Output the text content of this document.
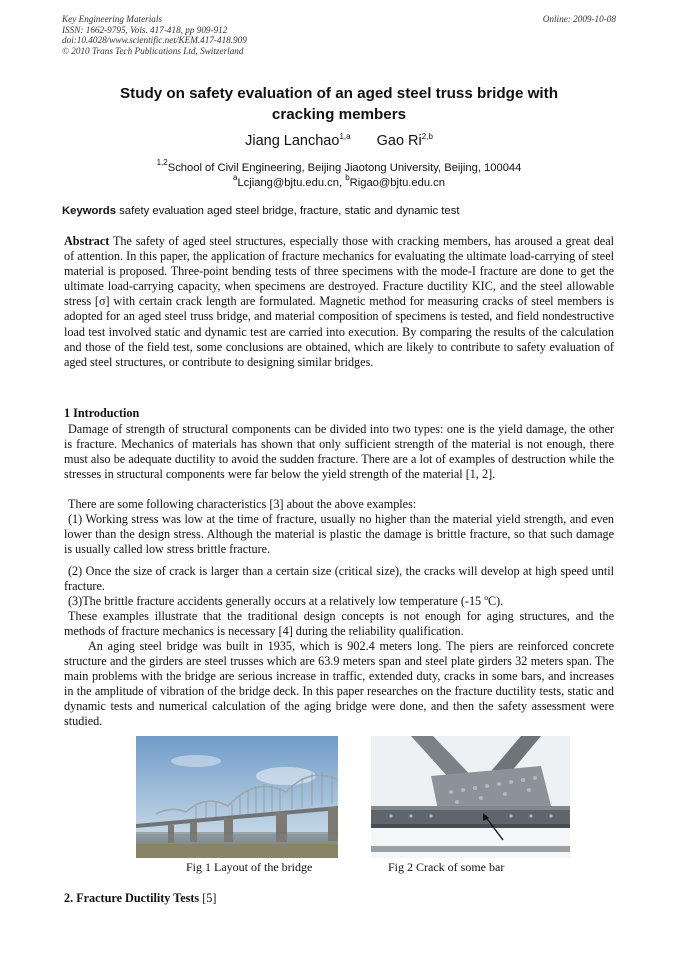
Key Engineering Materials
ISSN: 1662-9795, Vols. 417-418, pp 909-912
doi:10.4028/www.scientific.net/KEM.417-418.909
© 2010 Trans Tech Publications Ltd, Switzerland
Online: 2009-10-08
Study on safety evaluation of an aged steel truss bridge with
cracking members
Jiang Lanchao$^{1,a}$ Gao Ri$^{2,b}$
$^{1,2}$School of Civil Engineering, Beijing Jiaotong University, Beijing, 100044
$^a$Lcjiang@bjtu.edu.cn, $^b$Rigao@bjtu.edu.cn
Keywords safety evaluation aged steel bridge, fracture, static and dynamic test
Abstract The safety of aged steel structures, especially those with cracking members, has aroused a great deal of attention. In this paper, the application of fracture mechanics for evaluating the ultimate load-carrying of steel material is proposed. Three-point bending tests of three specimens with the mode-I fracture are done to get the ultimate load-carrying capacity, when specimens are destroyed. Fracture ductility KIC, and the steel allowable stress [σ] with certain crack length are formulated. Magnetic method for measuring cracks of steel members is adopted for an aged steel truss bridge, and material composition of specimens is tested, and field nondestructive load test involved static and dynamic test are carried into execution. By comparing the results of the calculation and those of the field test, some conclusions are obtained, which are likely to contribute to safety evaluation of aged steel structures, or contribute to designing similar bridges.
1 Introduction
Damage of strength of structural components can be divided into two types: one is the yield damage, the other is fracture. Mechanics of materials has shown that only sufficient strength of the material is not enough, there must also be adequate ductility to avoid the sudden fracture. There are a lot of examples of destruction while the stresses in structural components were far below the yield strength of the material [1, 2].
There are some following characteristics [3] about the above examples:
(1) Working stress was low at the time of fracture, usually no higher than the material yield strength, and even lower than the design stress. Although the material is plastic the damage is brittle fracture, so that such damage is usually called low stress brittle fracture.
(2) Once the size of crack is larger than a certain size (critical size), the cracks will develop at high speed until fracture.
(3)The brittle fracture accidents generally occurs at a relatively low temperature (-15 ºC).
These examples illustrate that the traditional design concepts is not enough for aging structures, and the methods of fracture mechanics is necessary [4] during the reliability qualification.
An aging steel bridge was built in 1935, which is 902.4 meters long. The piers are reinforced concrete structure and the girders are steel trusses which are 63.9 meters span and steel plate girders 32 meters span. The main problems with the bridge are serious increase in traffic, extended duty, cracks in some bars, and increases in the amplitude of vibration of the bridge deck. In this paper researches on the fracture ductility tests, static and dynamic tests and numerical calculation of the aging bridge were done, and then the safety assessment were studied.
Fig 1 Layout of the bridge	Fig 2 Crack of some bar
2. Fracture Ductility Tests [5]
